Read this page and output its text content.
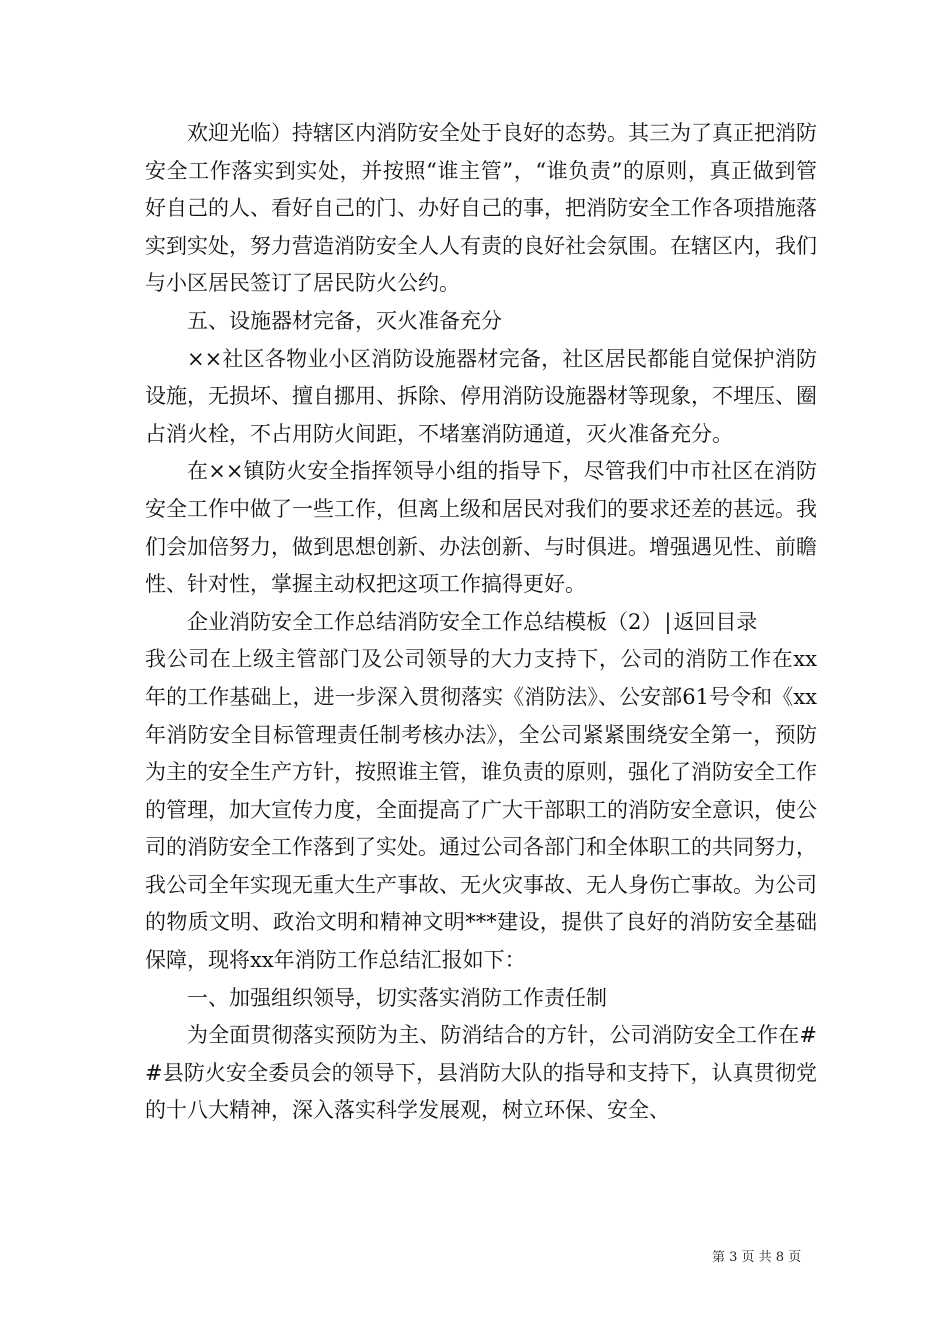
欢迎光临）持辖区内消防安全处于良好的态势。其三为了真正把消防安全工作落实到实处，并按照“谁主管”，“谁负责”的原则，真正做到管好自己的人、看好自己的门、办好自己的事，把消防安全工作各项措施落实到实处，努力营造消防安全人人有责的良好社会氛围。在辖区内，我们与小区居民签订了居民防火公约。

五、设施器材完备，灭火准备充分

××社区各物业小区消防设施器材完备，社区居民都能自觉保护消防设施，无损坏、擅自挪用、拆除、停用消防设施器材等现象，不埋压、圈占消火栓，不占用防火间距，不堵塞消防通道，灭火准备充分。

在××镇防火安全指挥领导小组的指导下，尽管我们中市社区在消防安全工作中做了一些工作，但离上级和居民对我们的要求还差的甚远。我们会加倍努力，做到思想创新、办法创新、与时俱进。增强遇见性、前瞻性、针对性，掌握主动权把这项工作搞得更好。

企业消防安全工作总结消防安全工作总结模板（2）|返回目录

我公司在上级主管部门及公司领导的大力支持下，公司的消防工作在xx年的工作基础上，进一步深入贯彻落实《消防法》、公安部61号令和《xx年消防安全目标管理责任制考核办法》，全公司紧紧围绕安全第一，预防为主的安全生产方针，按照谁主管，谁负责的原则，强化了消防安全工作的管理，加大宣传力度，全面提高了广大干部职工的消防安全意识，使公司的消防安全工作落到了实处。通过公司各部门和全体职工的共同努力，我公司全年实现无重大生产事故、无火灾事故、无人身伤亡事故。为公司的物质文明、政治文明和精神文明***建设，提供了良好的消防安全基础保障，现将xx年消防工作总结汇报如下：

一、加强组织领导，切实落实消防工作责任制

为全面贯彻落实预防为主、防消结合的方针，公司消防安全工作在##县防火安全委员会的领导下，县消防大队的指导和支持下，认真贯彻党的十八大精神，深入落实科学发展观，树立环保、安全、

第 3 页 共 8 页
